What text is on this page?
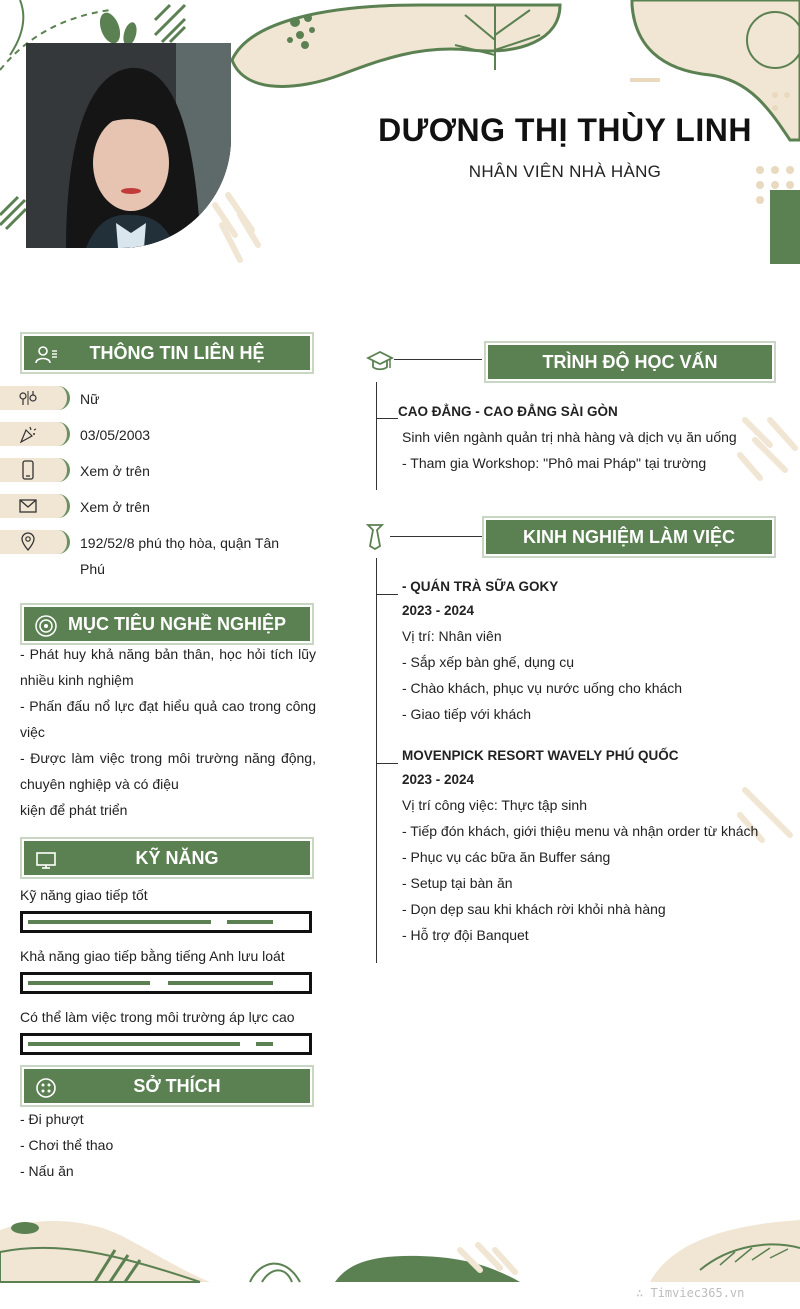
DƯƠNG THỊ THÙY LINH
NHÂN VIÊN NHÀ HÀNG
THÔNG TIN LIÊN HỆ
Nữ
03/05/2003
Xem ở trên
Xem ở trên
192/52/8 phú thọ hòa, quận Tân
Phú
MỤC TIÊU NGHỀ NGHIỆP
- Phát huy khả năng bản thân, học hỏi tích lũy
nhiều kinh nghiệm
- Phấn đấu nổ lực đạt hiểu quả cao trong công
việc
- Được làm việc trong môi trường năng động,
chuyên nghiệp và có điệu
kiện để phát triển
KỸ NĂNG
Kỹ năng giao tiếp tốt
Khả năng giao tiếp bằng tiếng Anh lưu loát
Có thể làm việc trong môi trường áp lực cao
SỞ THÍCH
- Đi phượt
- Chơi thể thao
- Nấu ăn
TRÌNH ĐỘ HỌC VẤN
CAO ĐẲNG - CAO ĐẲNG SÀI GÒN
Sinh viên ngành quản trị nhà hàng và dịch vụ ăn uống
- Tham gia Workshop: "Phô mai Pháp" tại trường
KINH NGHIỆM LÀM VIỆC
- QUÁN TRÀ SỮA GOKY
2023 - 2024
Vị trí: Nhân viên
- Sắp xếp bàn ghế, dụng cụ
- Chào khách, phục vụ nước uống cho khách
- Giao tiếp với khách
MOVENPICK RESORT WAVELY PHÚ QUỐC
2023 - 2024
Vị trí công việc: Thực tập sinh
- Tiếp đón khách, giới thiệu menu và nhận order từ khách
- Phục vụ các bữa ăn Buffer sáng
- Setup tại bàn ăn
- Dọn dẹp sau khi khách rời khỏi nhà hàng
- Hỗ trợ đội Banquet
∴ Timviec365.vn
